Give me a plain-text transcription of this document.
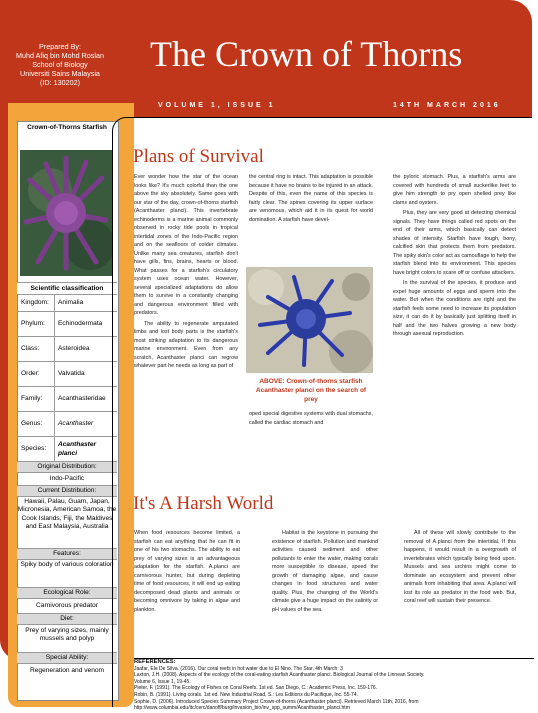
Prepared By:
Muhd Afiq bin Mohd Roslan
School of Biology
Universiti Sains Malaysia
(ID: 130202)
The Crown of Thorns
VOLUME 1, ISSUE 1	14TH MARCH 2016
Crown-of-Thorns Starfish
Scientific classification
Kingdom:	Animalia
Phylum:	Echinodermata
Class:	Asteroidea
Order:	Valvatida
Family:	Acanthasteridae
Genus:	Acanthaster
Species:
Acanthaster planci
Original Distribution:
Indo-Pacific
Current Distribution:
Hawaii, Palau, Guam, Japan, Micronesia, American Samoa, the Cook Islands, Fiji, the Maldives and East Malaysia, Australia
Features:
Spiky body of various coloration
Ecological Role:
Carnivorous predator
Diet:
Prey of varying sizes, mainly mussels and polyp
Special Ability:
Regeneration and venom
Plans of Survival

Ever wonder how the star of the ocean looks like? It's much colorful than the one above the sky absolutely. Same goes with our star of the day, crown-of-thorns starfish (Acanthaster planci). This invertebrate echinoderms is a marine animal commonly observed in rocky tide pools in tropical intertidal zones of the Indo-Pacific region and on the seafloors of colder climates. Unlike many sea creatures, starfish don't have gills, fins, brains, hearts or blood. What passes for a starfish's circulatory system uses ocean water. However, several specialized adaptations do allow them to survive in a constantly changing and dangerous environment filled with predators.

The ability to regenerate amputated limbs and lost body parts is the starfish's most striking adaptation to its dangerous marine environment. Even from any scratch, Acanthaster planci can regrow whatever part he needs as long as part of

the central ring is intact. This adaptation is possible because it have no brains to be injured in an attack. Despite of this, even the name of this species is fairly clear. The spines covering its upper surface are venomous, which aid it in its quest for world domination. A starfish have devel-

ABOVE: Crown-of-thorns starfish Acanthaster planci on the search of prey

oped special digestive systems with dual stomachs, called the cardiac stomach and

the pyloric stomach. Plus, a starfish's arms are covered with hundreds of small suckerlike feet to give him strength to pry open shelled prey like clams and oysters.

Plus, they are very good at detecting chemical signals. They have things called red spots on the end of their arms, which basically can detect shades of intensity. Starfish have tough, bony, calcified skin that protects them from predators. The spiky skin's color act as camouflage to help the starfish blend into its environment. This species have bright colors to scare off or confuse attackers.

In the survival of the species, it produce and expel huge amounts of eggs and sperm into the water. But when the conditions are right and the starfish feels some need to increase its population size, it can do it by basically just splitting itself in half and the two halves growing a new body through asexual reproduction.

It's A Harsh World

When food resources become limited, a starfish can eat anything that he can fit in one of his two stomachs. The ability to eat prey of varying sizes is an advantageous adaptation for the starfish. A.planci are carnivorous hunter, but during depleting time of food resources, it will end up eating decomposed dead plants and animals or becoming omnivore by taking in algae and plankton.

Habitat is the keystone in pursuing the existence of starfish. Pollution and mankind activities caused sediment and other pollutants to enter the water, making corals more susceptible to disease, speed the growth of damaging algae, and cause changes in food structures and water quality. Plus, the changing of the World's climate give a huge impact on the salinity or pH values of the sea.

All of these will slowly contribute to the removal of A.planci from the intertidal. If this happens, it would result in a overgrowth of invertebrates which typically being feed upon. Mussels and sea urchins might come to dominate an ecosystem and prevent other animals from inhabiting that area. A.planci will lost its role as predator in the food web. But, coral reef will sustain their presence.

REFERENCES:
Jaafar, Ele De Silva. (2016). Our coral reefs in hot water due to El Nino. The Star, 4th March: 3
Laxton, J.H. (2008). Aspects of the ecology of the coral-eating starfish Acanthaster planci. Biological Journal of the Linnean Society.
Volume 6, Issue 1, 19-45.
Pieter, F. (1991). The Ecology of Fishes on Coral Reefs. 1st ed. San Diego, C.: Academic Press, Inc. 159-176.
Robin, B. (1991). Living corals. 1st ed. New Industrial Road, S.: Les Editions du Pacifique, Inc. 55-74.
Sophie, D. (2006). Introduced Species Summary Project Crown-of-thorns (Acanthaster planci). Retrieved March 11th, 2016, from
http://www.columbia.edu/itc/cerc/danoff/burg/invasion_bio/inv_spp_summ/Acanthaster_planci.htm
